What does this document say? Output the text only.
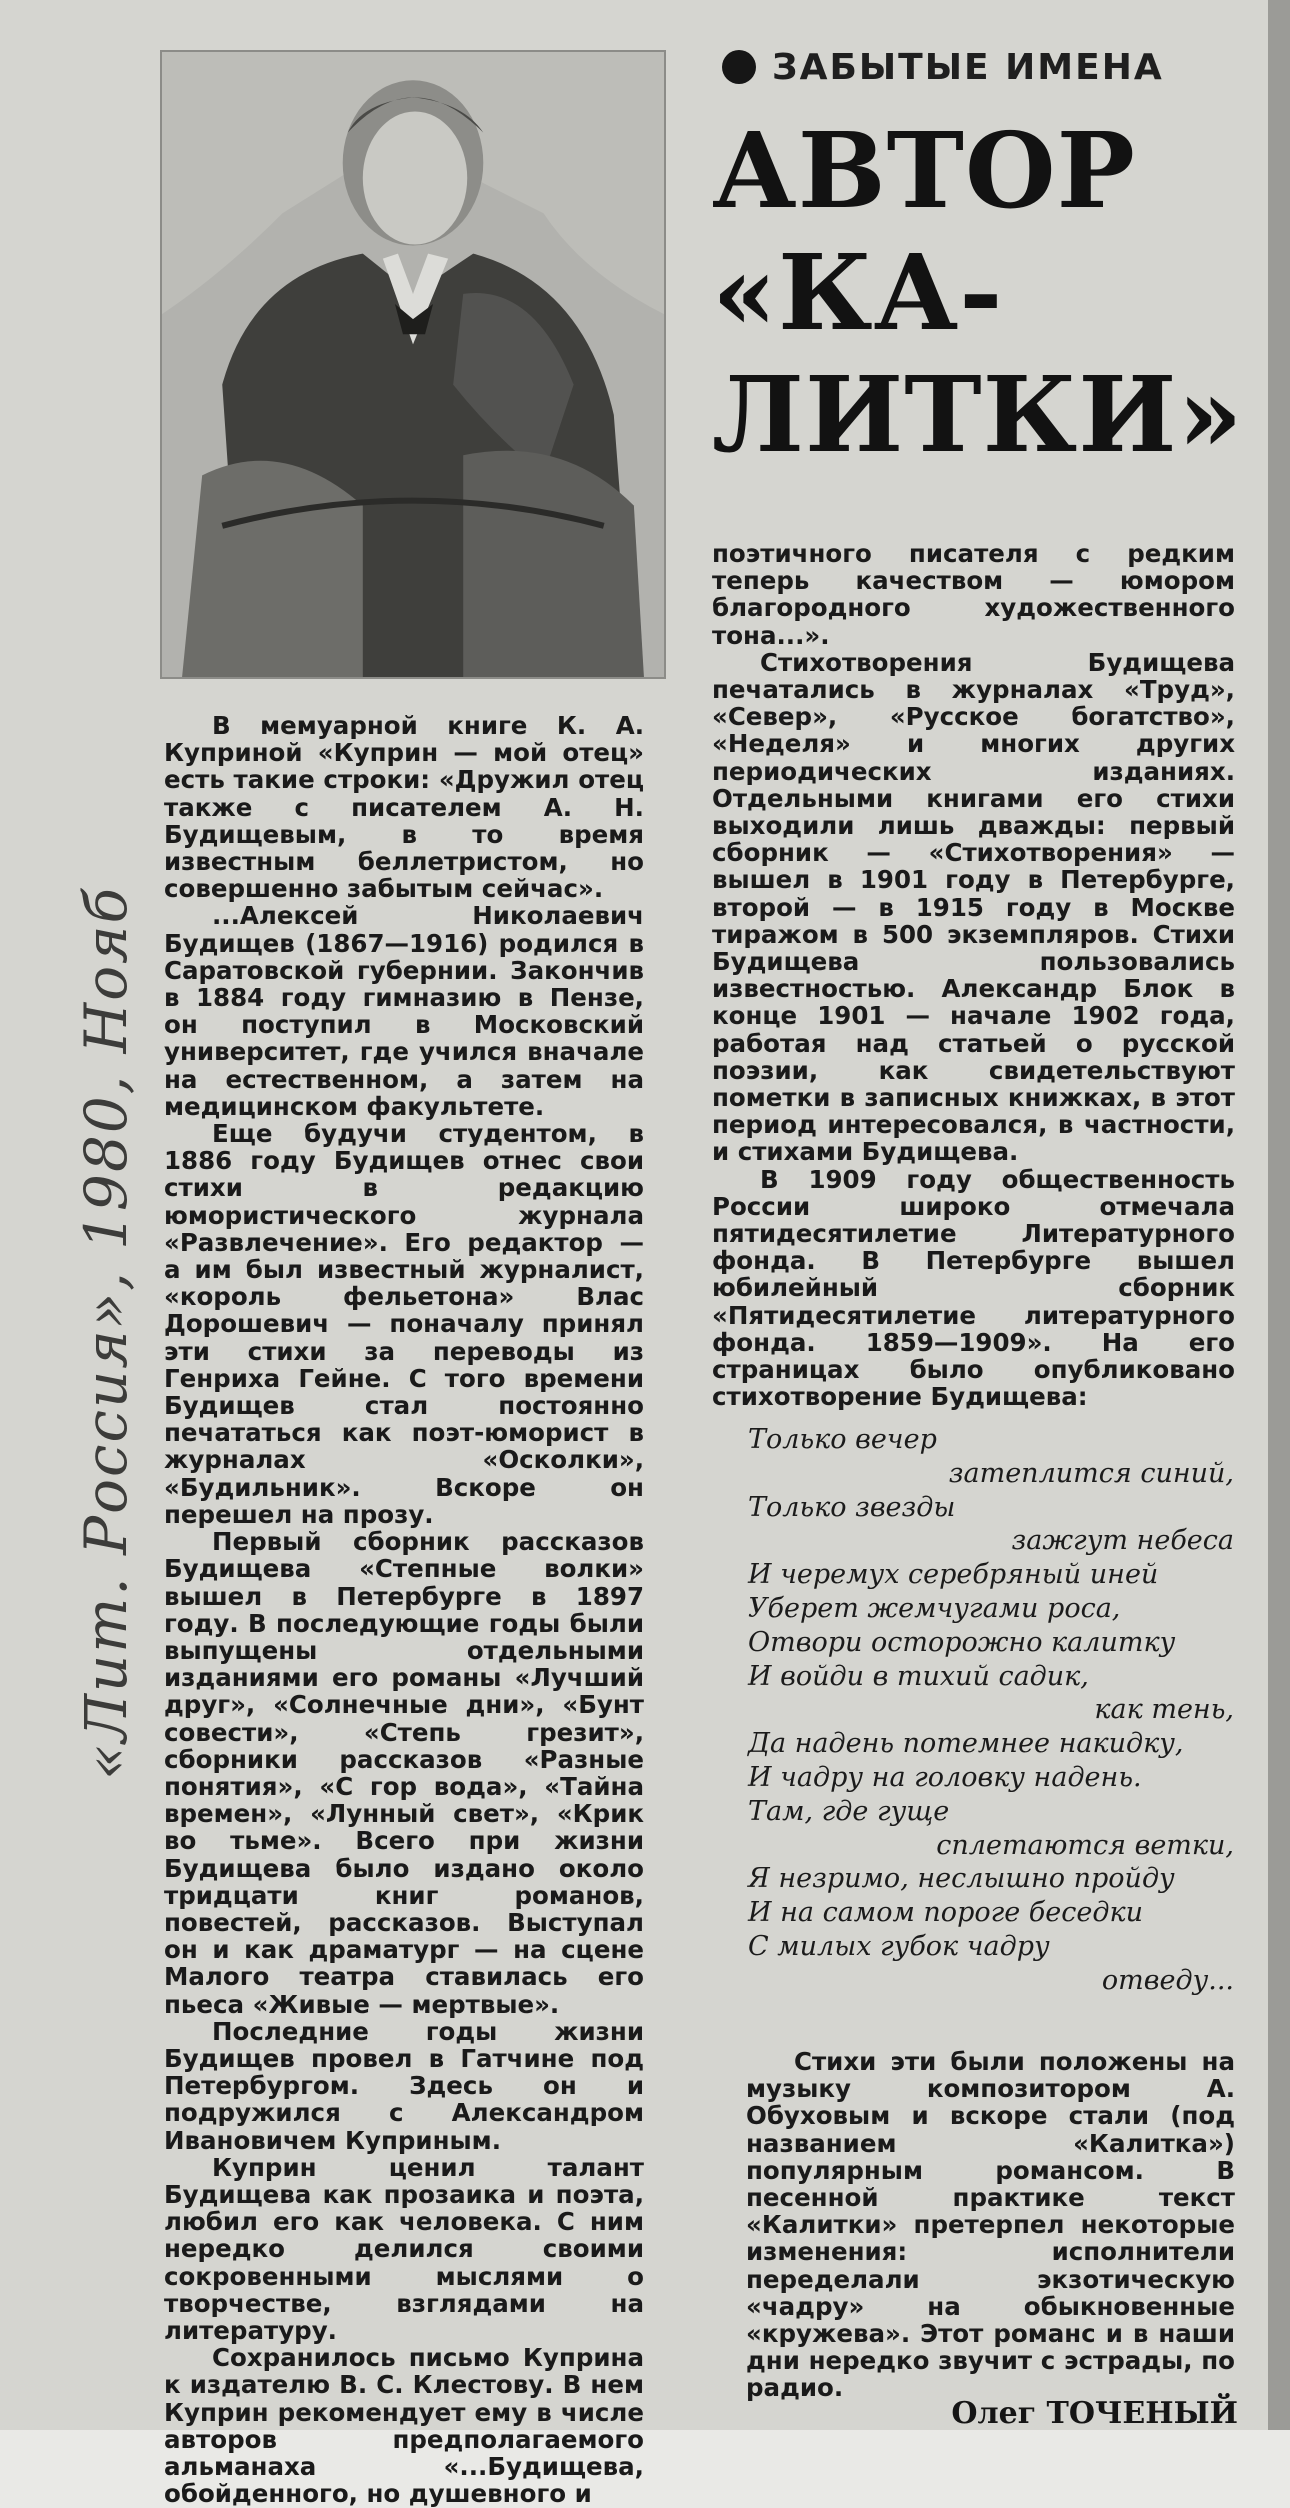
ЗАБЫТЫЕ ИМЕНА
АВТОР
«КА-
ЛИТКИ»

В мемуарной книге К. А. Куприной «Куприн — мой отец» есть такие строки: «Дружил отец также с писателем А. Н. Будищевым, в то время известным беллетристом, но совершенно забытым сейчас».

...Алексей Николаевич Будищев (1867—1916) родился в Саратовской губернии. Закончив в 1884 году гимназию в Пензе, он поступил в Московский университет, где учился вначале на естественном, а затем на медицинском факультете.

Еще будучи студентом, в 1886 году Будищев отнес свои стихи в редакцию юмористического журнала «Развлечение». Его редактор — а им был известный журналист, «король фельетона» Влас Дорошевич — поначалу принял эти стихи за переводы из Генриха Гейне. С того времени Будищев стал постоянно печататься как поэт-юморист в журналах «Осколки», «Будильник». Вскоре он перешел на прозу.

Первый сборник рассказов Будищева «Степные волки» вышел в Петербурге в 1897 году. В последующие годы были выпущены отдельными изданиями его романы «Лучший друг», «Солнечные дни», «Бунт совести», «Степь грезит», сборники рассказов «Разные понятия», «С гор вода», «Тайна времен», «Лунный свет», «Крик во тьме». Всего при жизни Будищева было издано около тридцати книг романов, повестей, рассказов. Выступал он и как драматург — на сцене Малого театра ставилась его пьеса «Живые — мертвые».

Последние годы жизни Будищев провел в Гатчине под Петербургом. Здесь он и подружился с Александром Ивановичем Куприным.

Куприн ценил талант Будищева как прозаика и поэта, любил его как человека. С ним нередко делился своими сокровенными мыслями о творчестве, взглядами на литературу.

Сохранилось письмо Куприна к издателю В. С. Клестову. В нем Куприн рекомендует ему в числе авторов предполагаемого альманаха «...Будищева, обойденного, но душевного и

поэтичного писателя с редким теперь качеством — юмором благородного художественного тона...».

Стихотворения Будищева печатались в журналах «Труд», «Север», «Русское богатство», «Неделя» и многих других периодических изданиях. Отдельными книгами его стихи выходили лишь дважды: первый сборник — «Стихотворения» — вышел в 1901 году в Петербурге, второй — в 1915 году в Москве тиражом в 500 экземпляров. Стихи Будищева пользовались известностью. Александр Блок в конце 1901 — начале 1902 года, работая над статьей о русской поэзии, как свидетельствуют пометки в записных книжках, в этот период интересовался, в частности, и стихами Будищева.

В 1909 году общественность России широко отмечала пятидесятилетие Литературного фонда. В Петербурге вышел юбилейный сборник «Пятидесятилетие литературного фонда. 1859—1909». На его страницах было опубликовано стихотворение Будищева:

Только вечер
затеплится синий,
Только звезды
зажгут небеса
И черемух серебряный иней
Уберет жемчугами роса,
Отвори осторожно калитку
И войди в тихий садик,
как тень,
Да надень потемнее накидку,
И чадру на головку надень.
Там, где гуще
сплетаются ветки,
Я незримо, неслышно пройду
И на самом пороге беседки
С милых губок чадру
отведу...

Стихи эти были положены на музыку композитором А. Обуховым и вскоре стали (под названием «Калитка») популярным романсом. В песенной практике текст «Калитки» претерпел некоторые изменения: исполнители переделали экзотическую «чадру» на обыкновенные «кружева». Этот романс и в наши дни нередко звучит с эстрады, по радио.

Олег ТОЧЕНЫЙ
«Лит. Россия», 1980, Нояб
